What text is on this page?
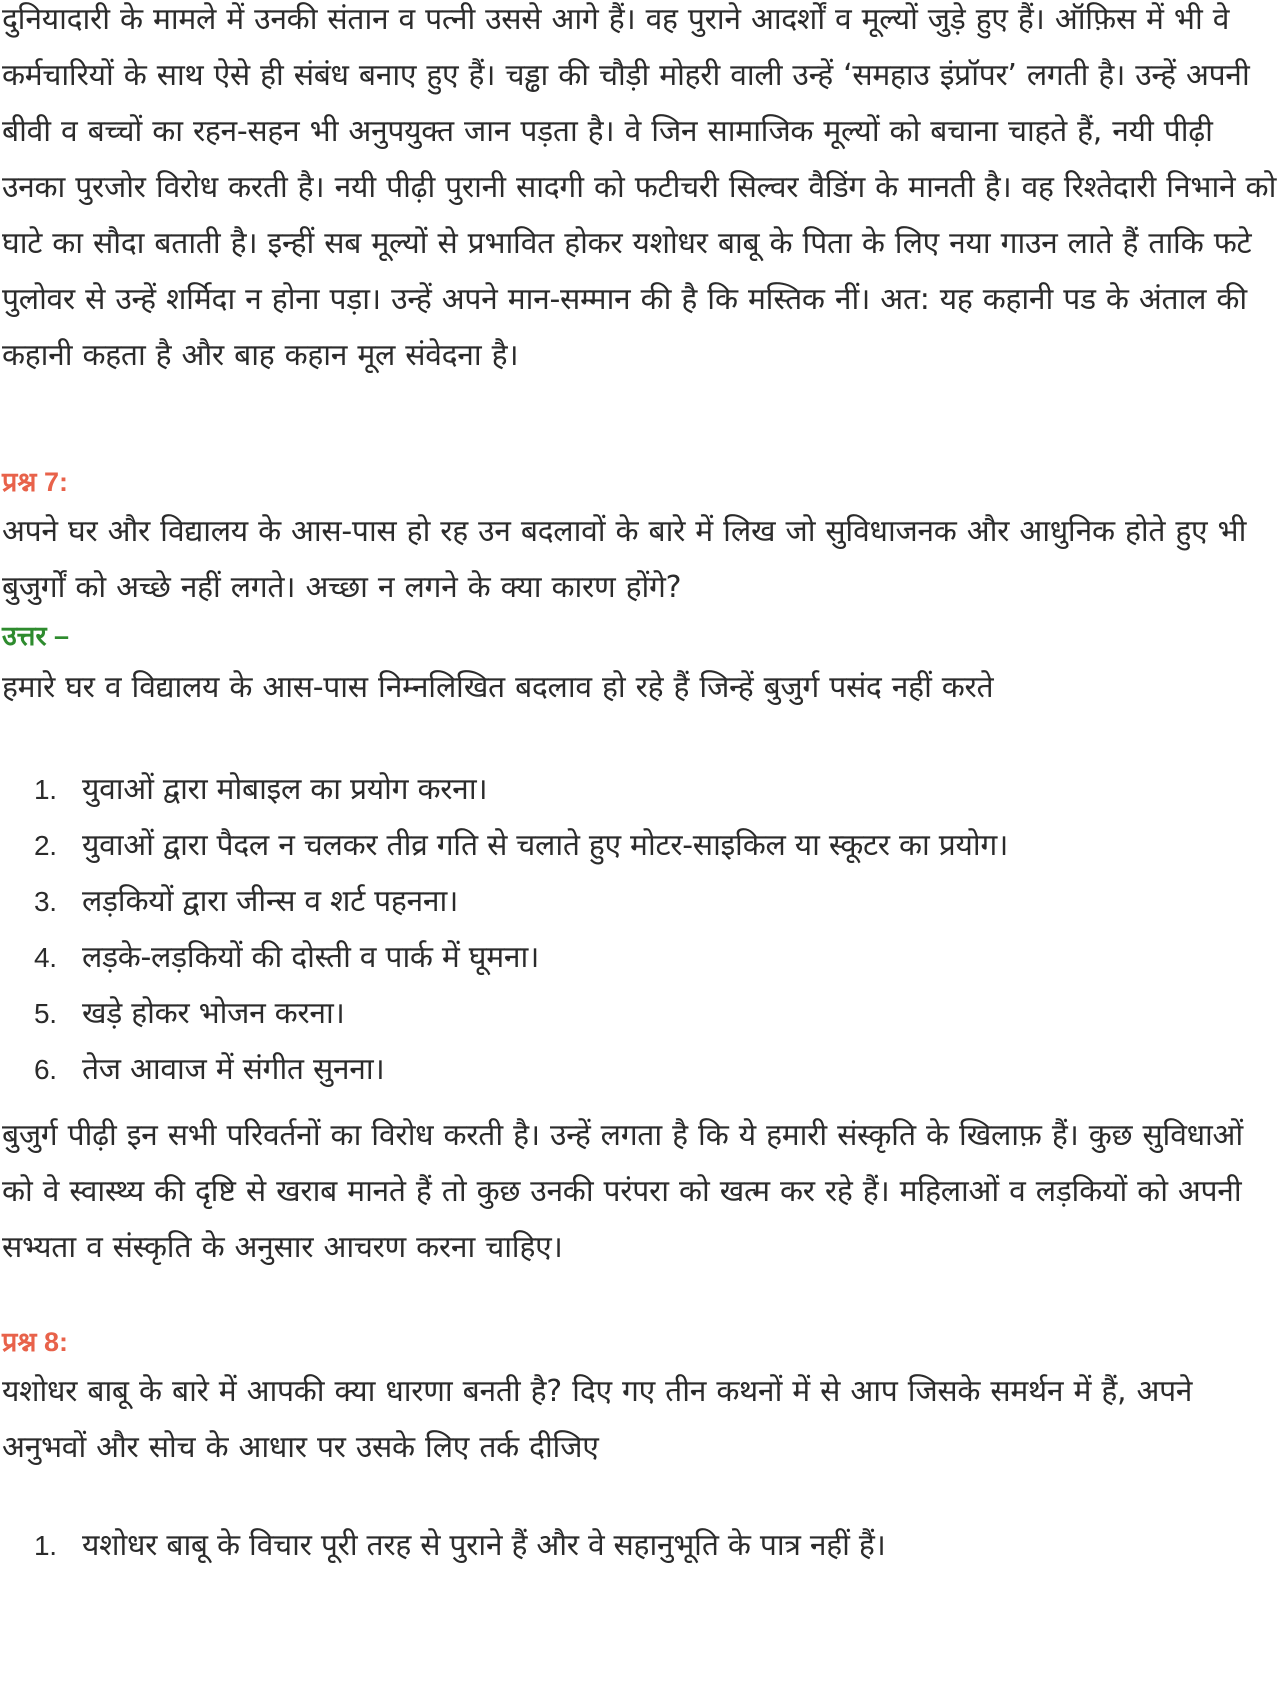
दुनियादारी के मामले में उनकी संतान व पत्नी उससे आगे हैं। वह पुराने आदर्शों व मूल्यों जुड़े हुए हैं। ऑफ़िस में भी वे कर्मचारियों के साथ ऐसे ही संबंध बनाए हुए हैं। चड्ढा की चौड़ी मोहरी वाली उन्हें ‘समहाउ इंप्रॉपर’ लगती है। उन्हें अपनी बीवी व बच्चों का रहन-सहन भी अनुपयुक्त जान पड़ता है। वे जिन सामाजिक मूल्यों को बचाना चाहते हैं, नयी पीढ़ी उनका पुरजोर विरोध करती है। नयी पीढ़ी पुरानी सादगी को फटीचरी सिल्वर वैडिंग के मानती है। वह रिश्तेदारी निभाने को घाटे का सौदा बताती है। इन्हीं सब मूल्यों से प्रभावित होकर यशोधर बाबू के पिता के लिए नया गाउन लाते हैं ताकि फटे पुलोवर से उन्हें शर्मिदा न होना पड़ा। उन्हें अपने मान-सम्मान की है कि मस्तिक नीं। अत: यह कहानी पड के अंताल की कहानी कहता है और बाह कहान मूल संवेदना है।

प्रश्न 7:

अपने घर और विद्यालय के आस-पास हो रह उन बदलावों के बारे में लिख जो सुविधाजनक और आधुनिक होते हुए भी बुजुर्गों को अच्छे नहीं लगते। अच्छा न लगने के क्या कारण होंगे?

उत्तर –

हमारे घर व विद्यालय के आस-पास निम्नलिखित बदलाव हो रहे हैं जिन्हें बुजुर्ग पसंद नहीं करते

1. युवाओं द्वारा मोबाइल का प्रयोग करना।
2. युवाओं द्वारा पैदल न चलकर तीव्र गति से चलाते हुए मोटर-साइकिल या स्कूटर का प्रयोग।
3. लड़कियों द्वारा जीन्स व शर्ट पहनना।
4. लड़के-लड़कियों की दोस्ती व पार्क में घूमना।
5. खड़े होकर भोजन करना।
6. तेज आवाज में संगीत सुनना।

बुजुर्ग पीढ़ी इन सभी परिवर्तनों का विरोध करती है। उन्हें लगता है कि ये हमारी संस्कृति के खिलाफ़ हैं। कुछ सुविधाओं को वे स्वास्थ्य की दृष्टि से खराब मानते हैं तो कुछ उनकी परंपरा को खत्म कर रहे हैं। महिलाओं व लड़कियों को अपनी सभ्यता व संस्कृति के अनुसार आचरण करना चाहिए।

प्रश्न 8:

यशोधर बाबू के बारे में आपकी क्या धारणा बनती है? दिए गए तीन कथनों में से आप जिसके समर्थन में हैं, अपने अनुभवों और सोच के आधार पर उसके लिए तर्क दीजिए

1. यशोधर बाबू के विचार पूरी तरह से पुराने हैं और वे सहानुभूति के पात्र नहीं हैं।
